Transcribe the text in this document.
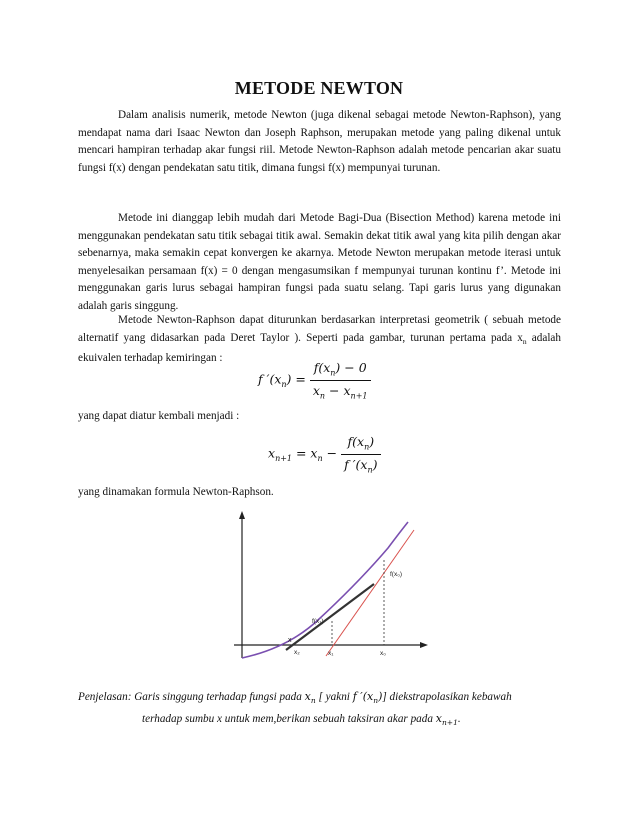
METODE NEWTON

Dalam analisis numerik, metode Newton (juga dikenal sebagai metode Newton-Raphson), yang mendapat nama dari Isaac Newton dan Joseph Raphson, merupakan metode yang paling dikenal untuk mencari hampiran terhadap akar fungsi riil. Metode Newton-Raphson adalah metode pencarian akar suatu fungsi f(x) dengan pendekatan satu titik, dimana fungsi f(x) mempunyai turunan.

Metode ini dianggap lebih mudah dari Metode Bagi-Dua (Bisection Method) karena metode ini menggunakan pendekatan satu titik sebagai titik awal. Semakin dekat titik awal yang kita pilih dengan akar sebenarnya, maka semakin cepat konvergen ke akarnya. Metode Newton merupakan metode iterasi untuk menyelesaikan persamaan f(x) = 0 dengan mengasumsikan f mempunyai turunan kontinu f’. Metode ini menggunakan garis lurus sebagai hampiran fungsi pada suatu selang. Tapi garis lurus yang digunakan adalah garis singgung.

Metode Newton-Raphson dapat diturunkan berdasarkan interpretasi geometrik ( sebuah metode alternatif yang didasarkan pada Deret Taylor ). Seperti pada gambar, turunan pertama pada $x_n$ adalah ekuivalen terhadap kemiringan :

f $'(x_n) = \frac{f(x_n) - 0}{x_n - x_{n+1}}$

yang dapat diatur kembali menjadi :

$x_{n+1} = x_n - \frac{f(x_n)}{f '(x_n)}$

yang dinamakan formula Newton-Raphson.

f(x₀)
f(x₁)
x
x₂	x₁	x₀
Penjelasan: Garis singgung terhadap fungsi pada $x_n$ [ yakni f $'(x_n)$] diekstrapolasikan kebawah
terhadap sumbu x untuk mem,berikan sebuah taksiran akar pada $x_{n+1}$.
